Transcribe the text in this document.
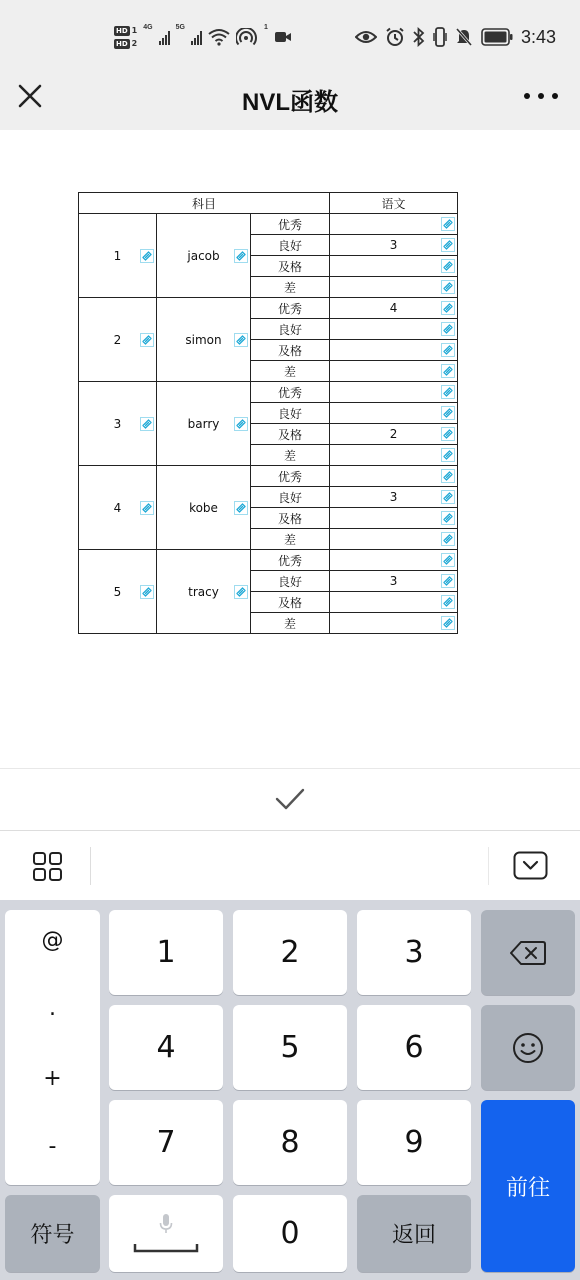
HD 1
HD 2
4G	5G	1	3:43
NVL函数
科目			语文
1	jacob	优秀	

		良好	3

		及格	

		差	

2	simon	优秀	4

		良好	

		及格	

		差	

3	barry	优秀	

		良好	

		及格	2

		差	

4	kobe	优秀	

		良好	3

		及格	

		差	

5	tracy	优秀	

		良好	3

		及格	

		差	
@
.
+
-
1	2	3
4	5	6
7	8	9
前往
符号	0	返回
